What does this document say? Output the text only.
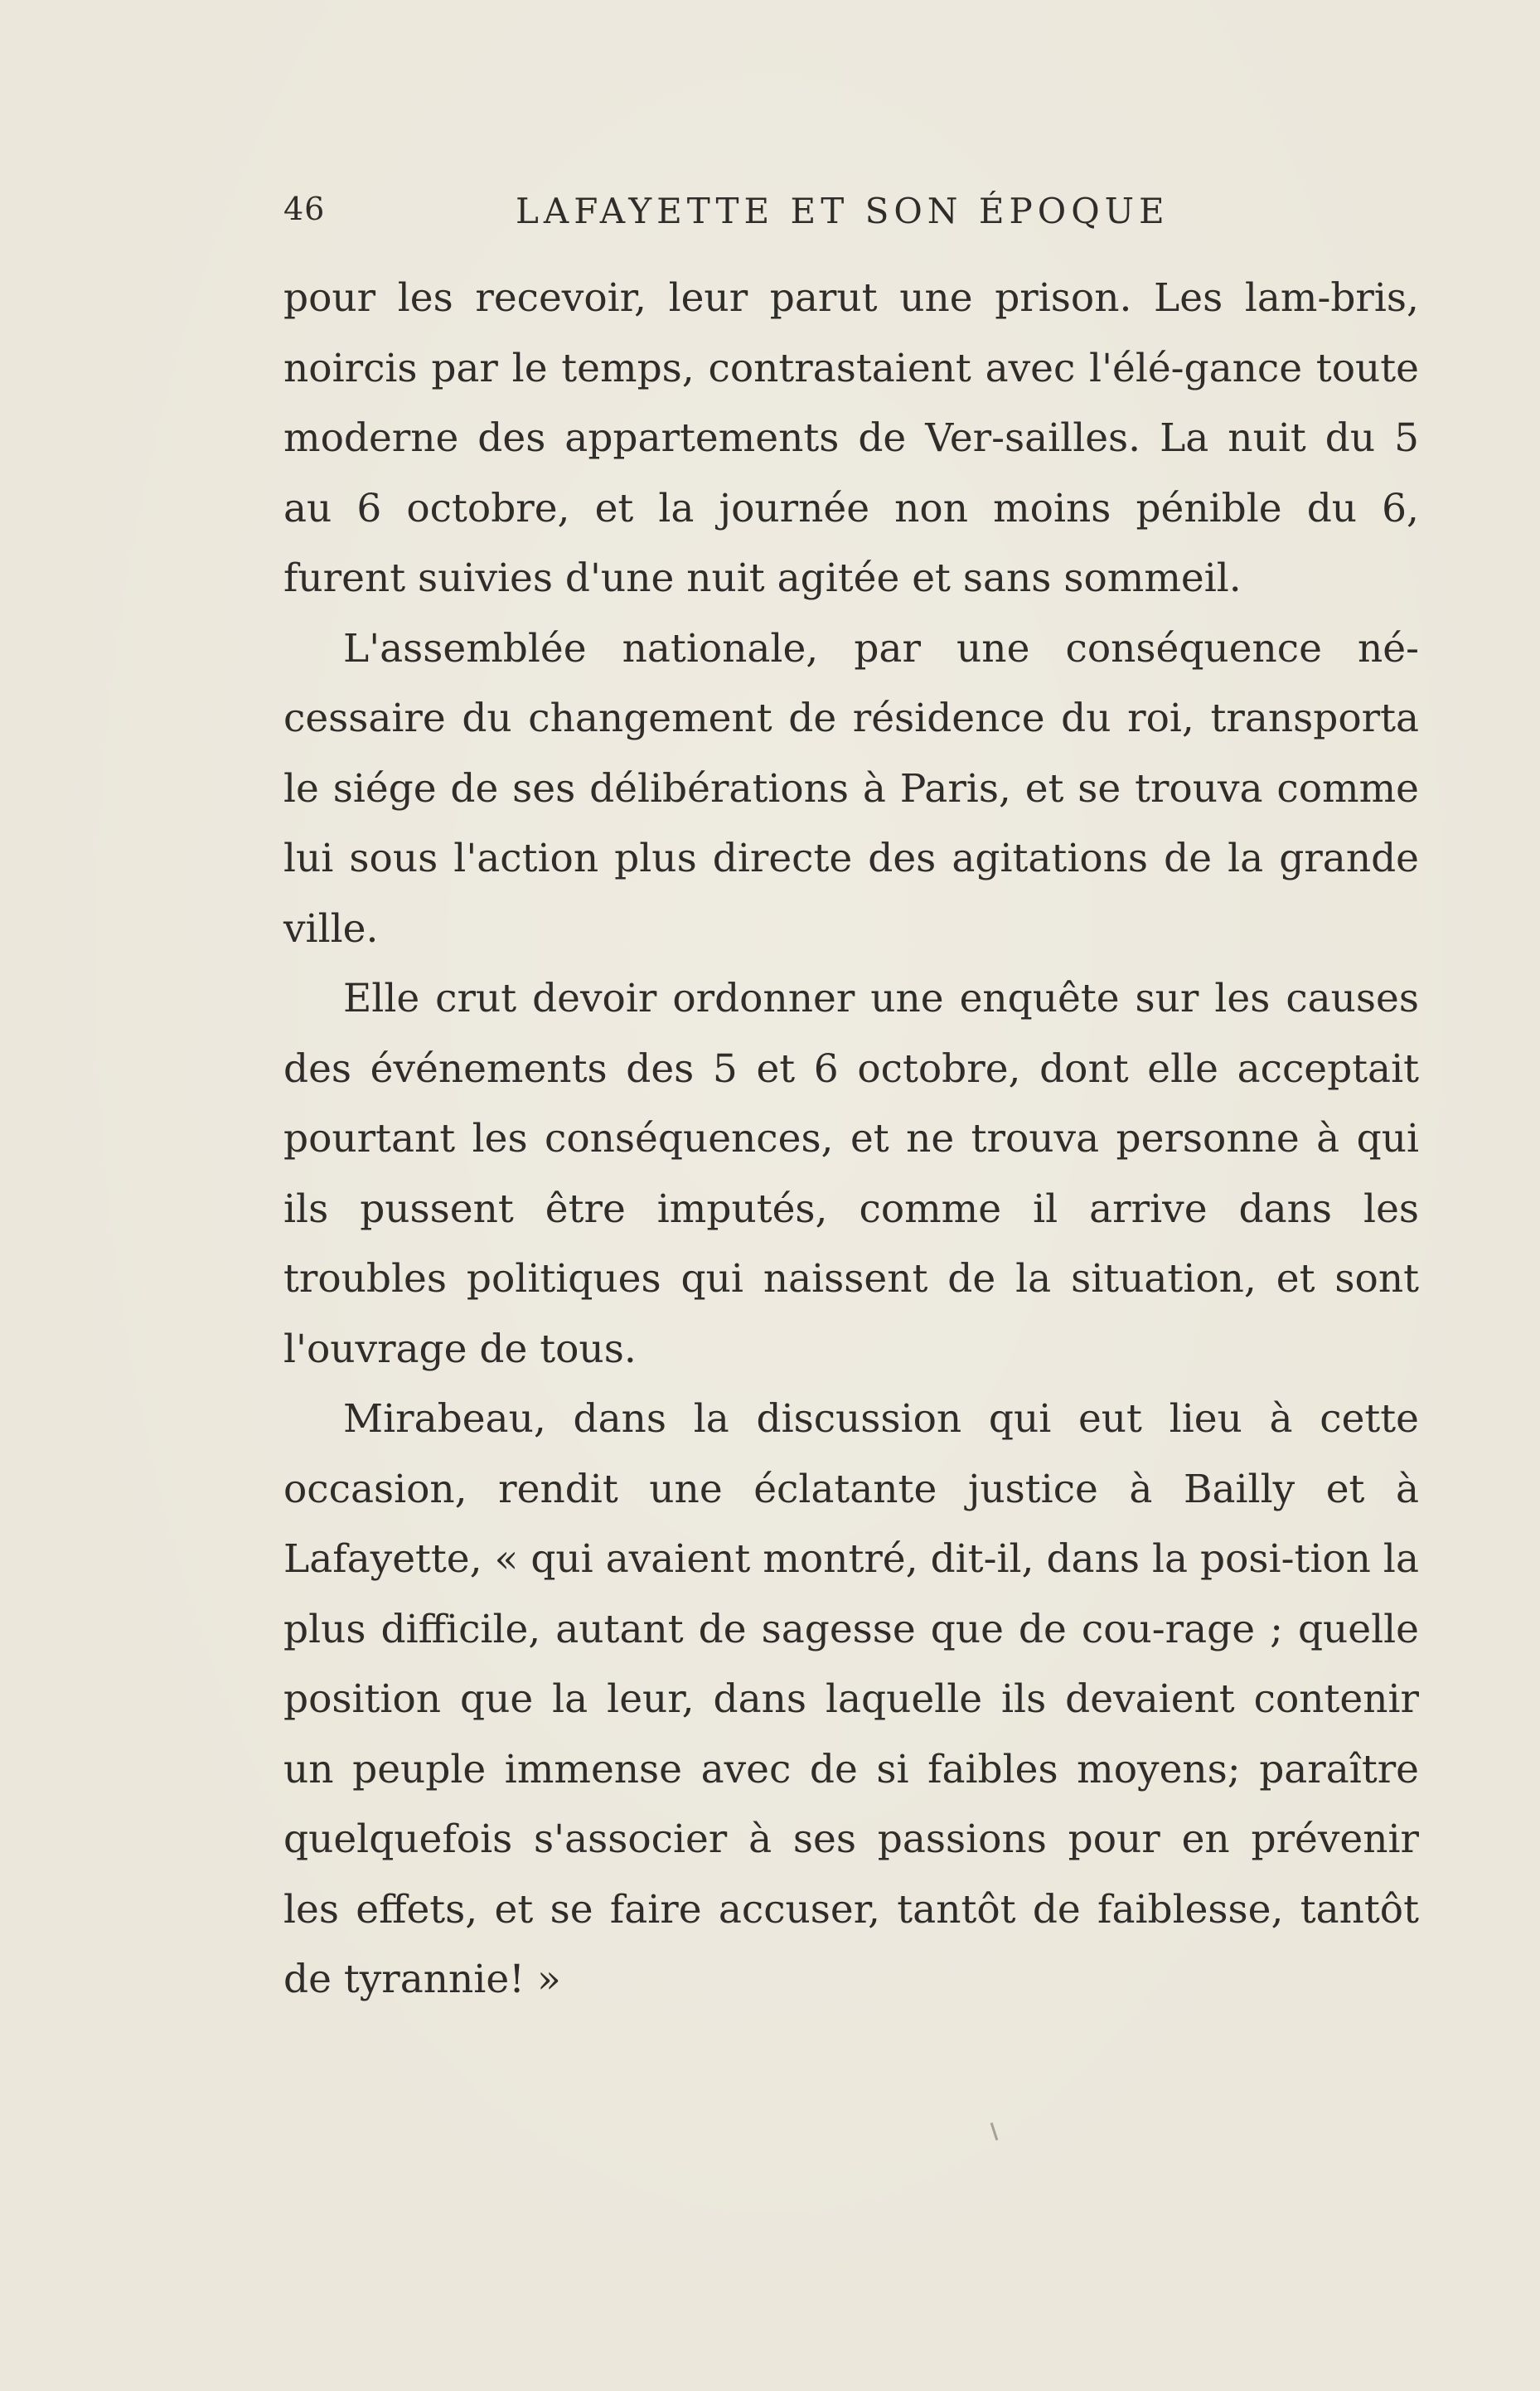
46	LAFAYETTE ET SON ÉPOQUE

pour les recevoir, leur parut une prison. Les lam-bris, noircis par le temps, contrastaient avec l'élé-gance toute moderne des appartements de Ver-sailles. La nuit du 5 au 6 octobre, et la journée non moins pénible du 6, furent suivies d'une nuit agitée et sans sommeil.

L'assemblée nationale, par une conséquence né-cessaire du changement de résidence du roi, transporta le siége de ses délibérations à Paris, et se trouva comme lui sous l'action plus directe des agitations de la grande ville.

Elle crut devoir ordonner une enquête sur les causes des événements des 5 et 6 octobre, dont elle acceptait pourtant les conséquences, et ne trouva personne à qui ils pussent être imputés, comme il arrive dans les troubles politiques qui naissent de la situation, et sont l'ouvrage de tous.

Mirabeau, dans la discussion qui eut lieu à cette occasion, rendit une éclatante justice à Bailly et à Lafayette, « qui avaient montré, dit-il, dans la posi-tion la plus difficile, autant de sagesse que de cou-rage ; quelle position que la leur, dans laquelle ils devaient contenir un peuple immense avec de si faibles moyens; paraître quelquefois s'associer à ses passions pour en prévenir les effets, et se faire accuser, tantôt de faiblesse, tantôt de tyrannie! »
